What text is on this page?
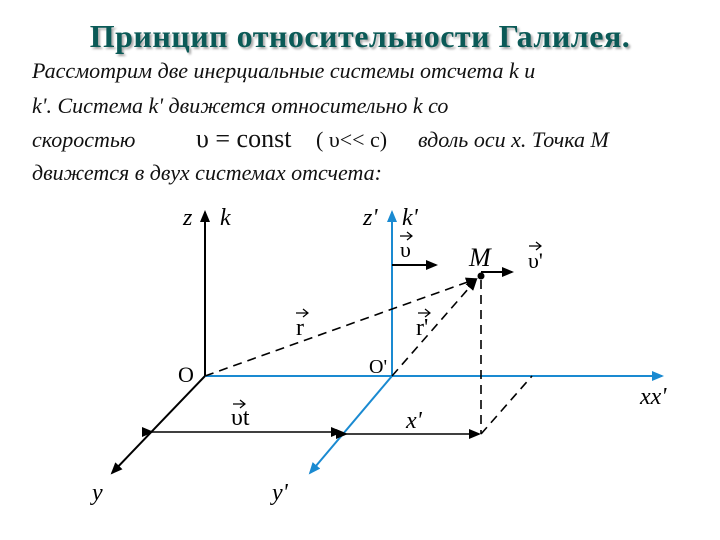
Принцип относительности Галилея.
Рассмотрим две инерциальные системы отсчета k и
k'. Система k' движется относительно k со
скоростью υ = const ( υ<< c) вдоль оси x. Точка M
движется в двух системах отсчета:
z k	z' k'
υ M υ'
r	r'
O	O'
xx'
υt	x'
y	y'
